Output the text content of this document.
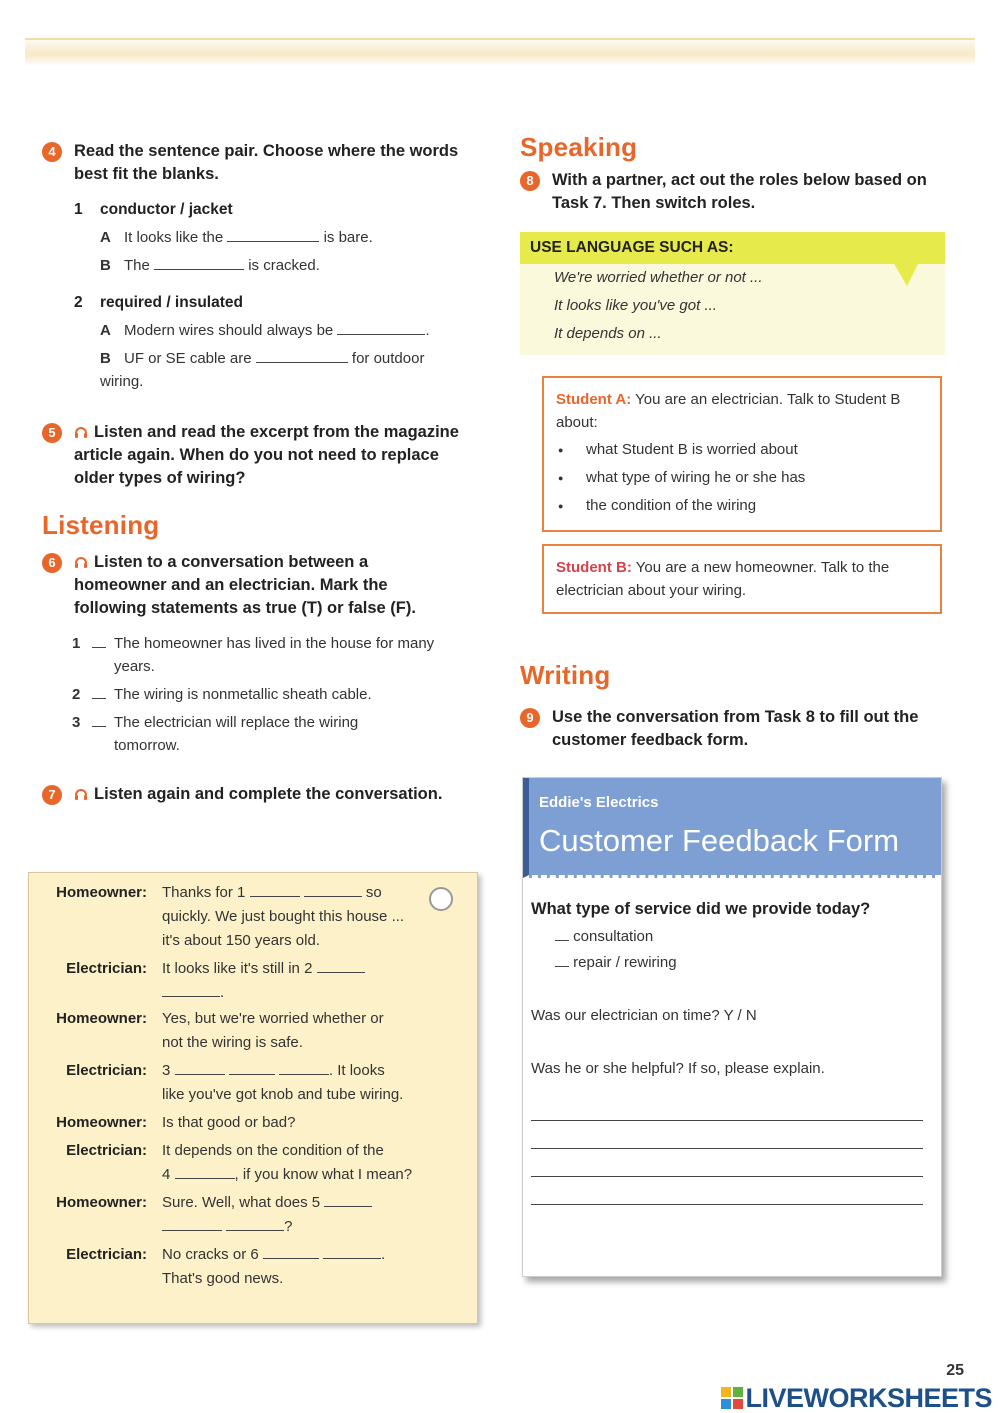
4	Read the sentence pair. Choose where the words best fit the blanks.
1 conductor / jacket
A It looks like the	is bare.
B The	is cracked.
2 required / insulated
A Modern wires should always be	.
B UF or SE cable are	for outdoor wiring.
5	Listen and read the excerpt from the magazine article again. When do you not need to replace older types of wiring?
Listening
6	Listen to a conversation between a homeowner and an electrician. Mark the following statements as true (T) or false (F).
1	The homeowner has lived in the house for many years.
2	The wiring is nonmetallic sheath cable.
3	The electrician will replace the wiring tomorrow.
7	Listen again and complete the conversation.
Homeowner: Thanks for 1	so
quickly. We just bought this house ...
it's about 150 years old.
Electrician: It looks like it's still in 2
.
Homeowner: Yes, but we're worried whether or
not the wiring is safe.
Electrician: 3	. It looks
like you've got knob and tube wiring.
Homeowner: Is that good or bad?
Electrician: It depends on the condition of the
4	, if you know what I mean?
Homeowner: Sure. Well, what does 5
?
Electrician: No cracks or 6	.
That's good news.
Speaking
8	With a partner, act out the roles below based on Task 7. Then switch roles.
USE LANGUAGE SUCH AS:
We're worried whether or not ...
It looks like you've got ...
It depends on ...
Student A: You are an electrician. Talk to Student B about:
● what Student B is worried about
● what type of wiring he or she has
● the condition of the wiring
Student B: You are a new homeowner. Talk to the electrician about your wiring.
Writing
9	Use the conversation from Task 8 to fill out the customer feedback form.
Eddie's Electrics
Customer Feedback Form
What type of service did we provide today?
consultation
repair / rewiring
Was our electrician on time? Y / N
Was he or she helpful? If so, please explain.
25
LIVEWORKSHEETS
